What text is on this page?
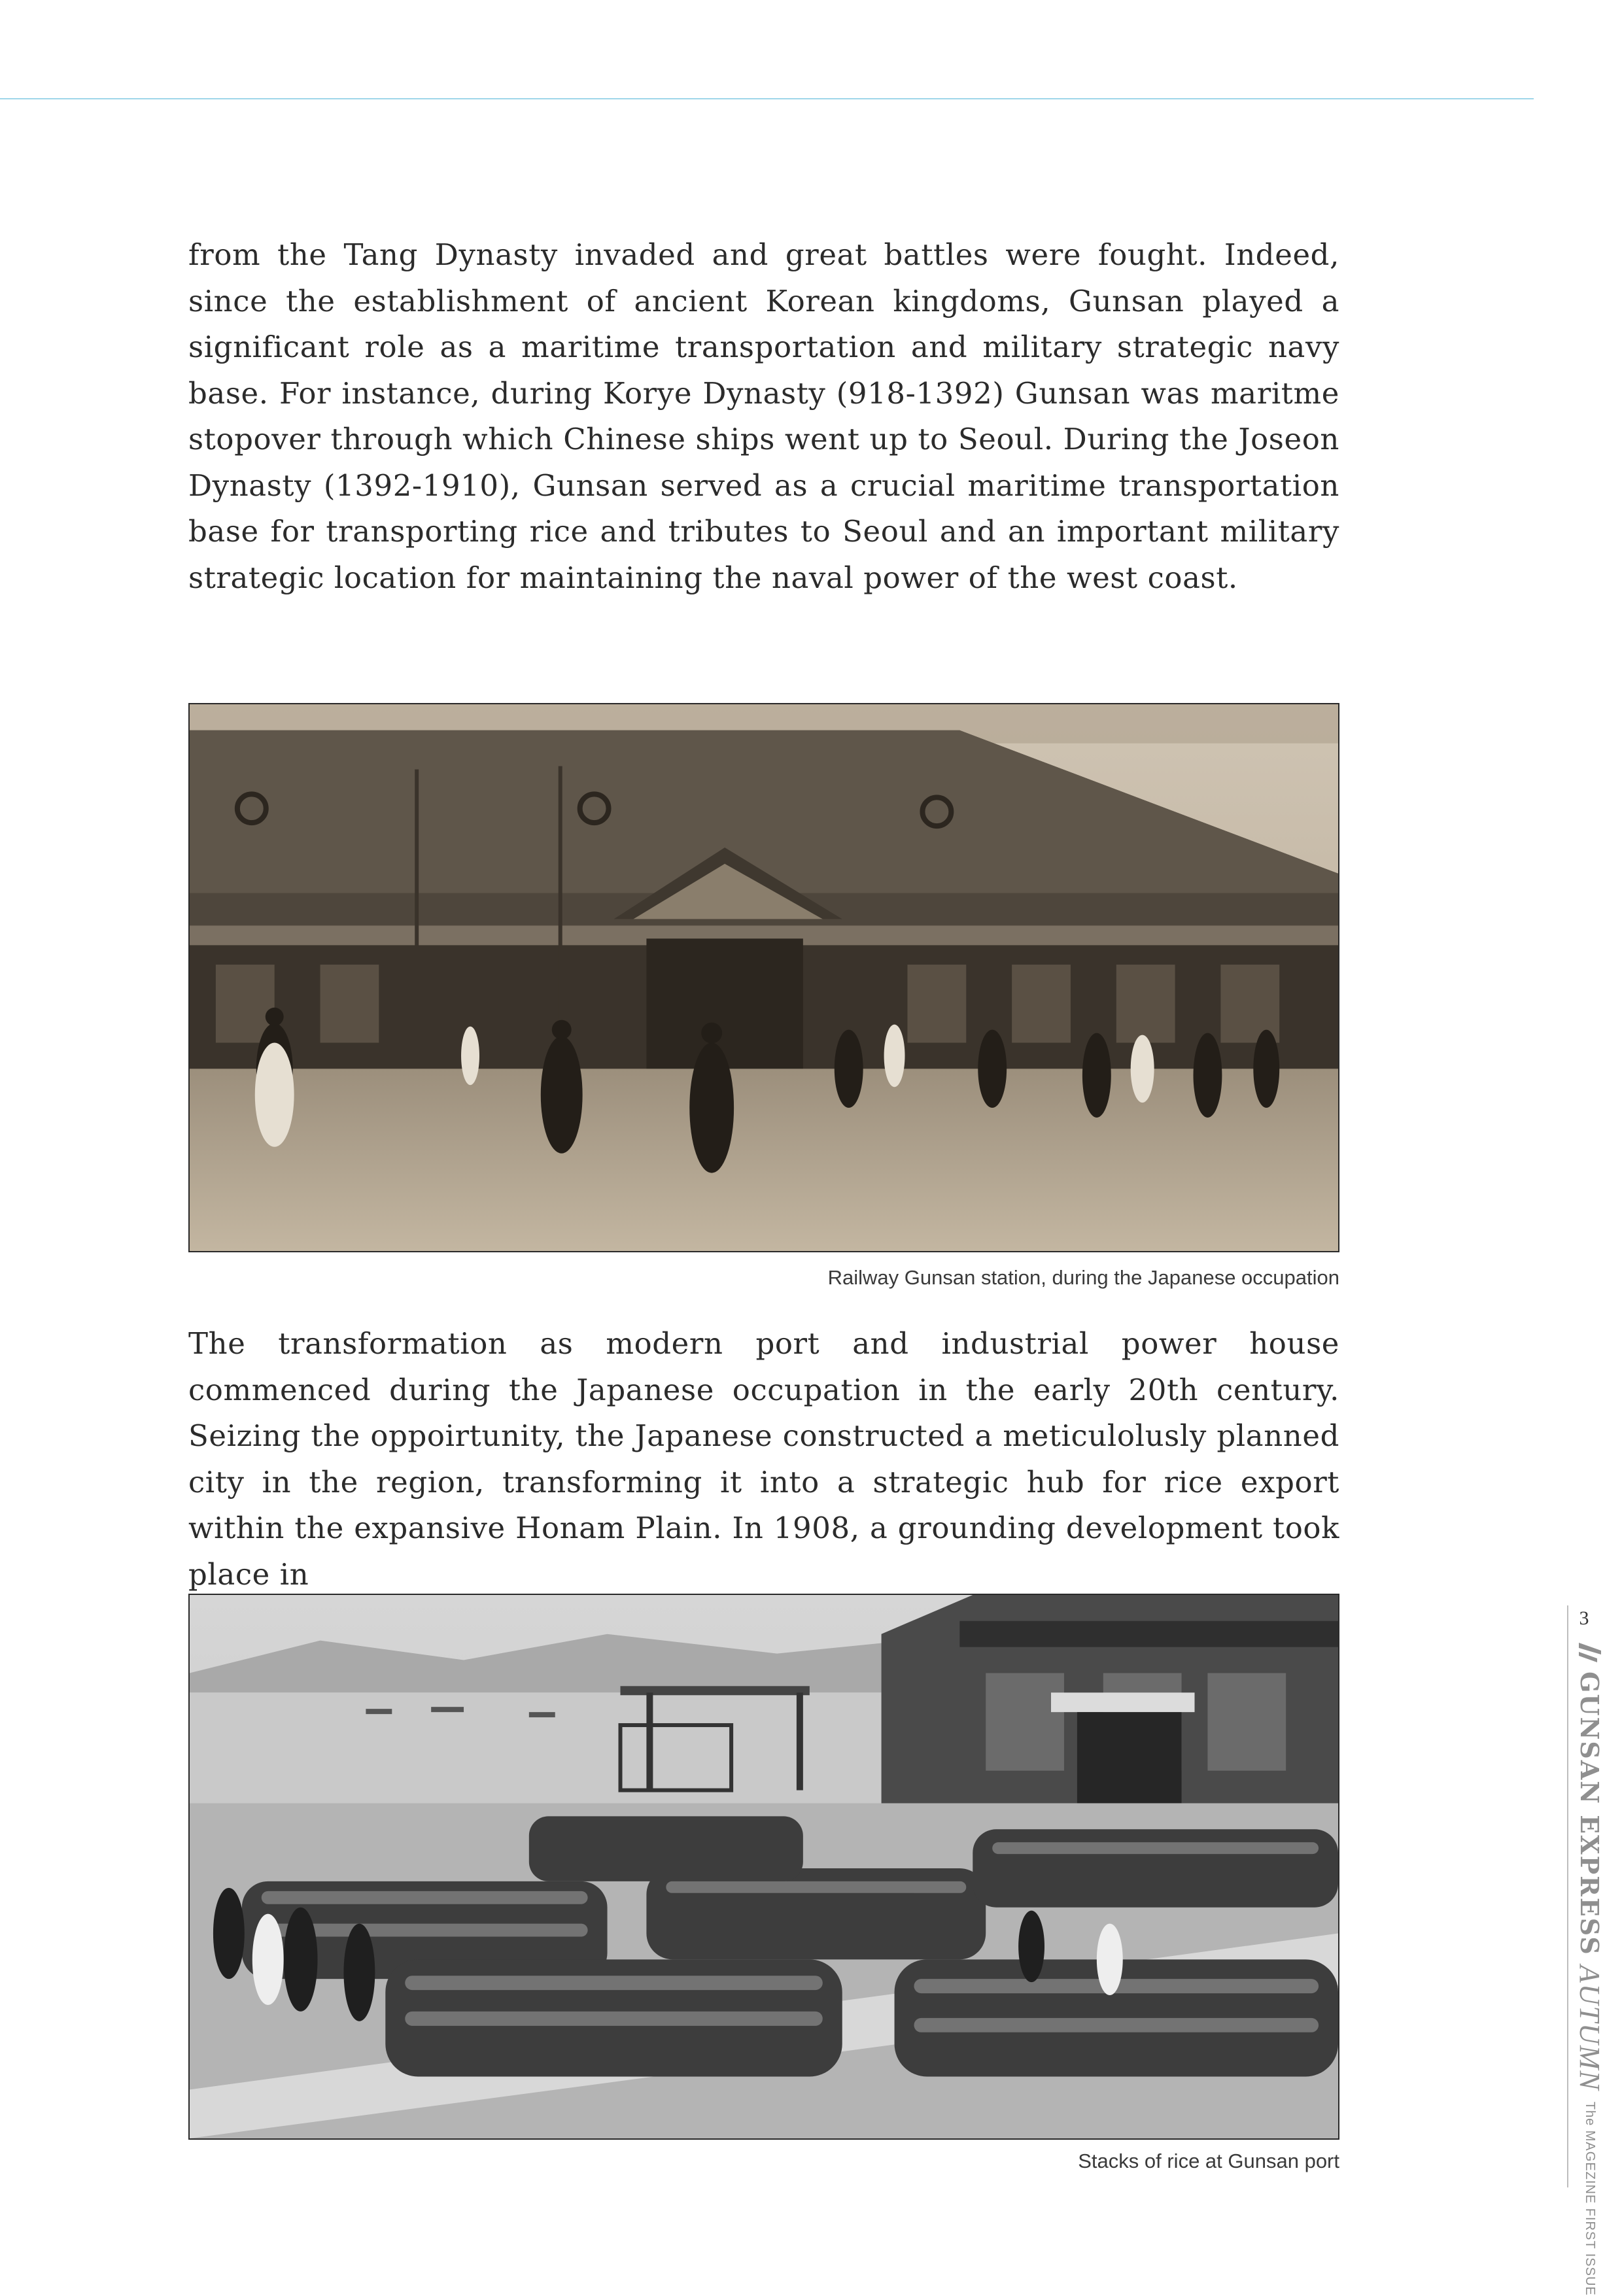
from the Tang Dynasty invaded and great battles were fought. Indeed, since the establishment of ancient Korean kingdoms, Gunsan played a significant role as a maritime transportation and military strategic navy base. For instance, during Korye Dynasty (918-1392) Gunsan was maritme stopover through which Chinese ships went up to Seoul. During the Joseon Dynasty (1392-1910), Gunsan served as a crucial maritime transportation base for transporting rice and tributes to Seoul and an important military strategic location for maintaining the naval power of the west coast.

Railway Gunsan station, during the Japanese occupation

The transformation as modern port and industrial power house commenced during the Japanese occupation in the early 20th century. Seizing the oppoirtunity, the Japanese constructed a meticulolusly planned city in the region, transforming it into a strategic hub for rice export within the expansive Honam Plain. In 1908, a grounding development took place in

Stacks of rice at Gunsan port
3
GUNSAN EXPRESSAUTUMNThe MAGEZINE FIRST ISSUE
